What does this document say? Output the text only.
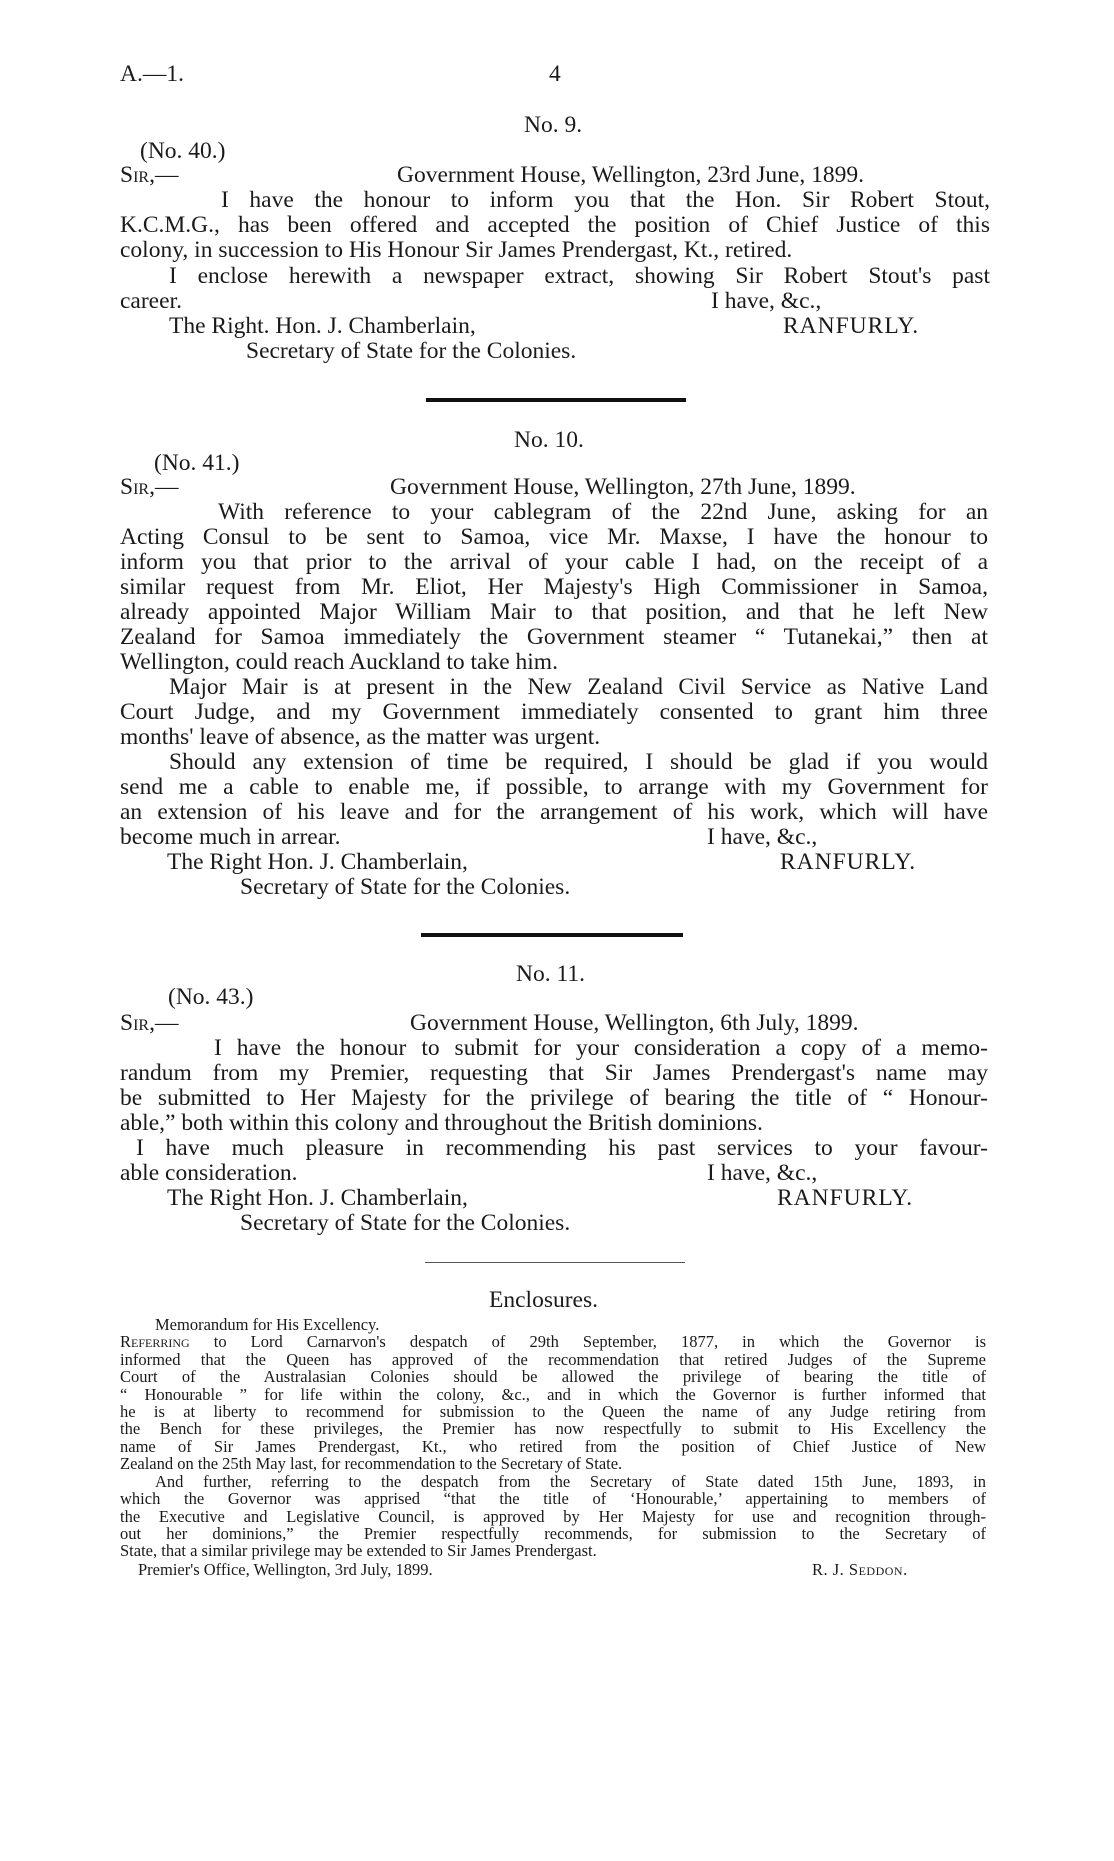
A.—1.	4
No. 9.
(No. 40.)
Sir,—	Government House, Wellington, 23rd June, 1899.
I have the honour to inform you that the Hon. Sir Robert Stout,
K.C.M.G., has been offered and accepted the position of Chief Justice of this
colony, in succession to His Honour Sir James Prendergast, Kt., retired.
I enclose herewith a newspaper extract, showing Sir Robert Stout's past
career.	I have, &c.,
The Right. Hon. J. Chamberlain,	RANFURLY.
Secretary of State for the Colonies.
No. 10.
(No. 41.)
Sir,—	Government House, Wellington, 27th June, 1899.
With reference to your cablegram of the 22nd June, asking for an
Acting Consul to be sent to Samoa, vice Mr. Maxse, I have the honour to
inform you that prior to the arrival of your cable I had, on the receipt of a
similar request from Mr. Eliot, Her Majesty's High Commissioner in Samoa,
already appointed Major William Mair to that position, and that he left New
Zealand for Samoa immediately the Government steamer “ Tutanekai,” then at
Wellington, could reach Auckland to take him.
Major Mair is at present in the New Zealand Civil Service as Native Land
Court Judge, and my Government immediately consented to grant him three
months' leave of absence, as the matter was urgent.
Should any extension of time be required, I should be glad if you would
send me a cable to enable me, if possible, to arrange with my Government for
an extension of his leave and for the arrangement of his work, which will have
become much in arrear.	I have, &c.,
The Right Hon. J. Chamberlain,	RANFURLY.
Secretary of State for the Colonies.
No. 11.
(No. 43.)
Sir,—	Government House, Wellington, 6th July, 1899.
I have the honour to submit for your consideration a copy of a memo-
randum from my Premier, requesting that Sir James Prendergast's name may
be submitted to Her Majesty for the privilege of bearing the title of “ Honour-
able,” both within this colony and throughout the British dominions.
I have much pleasure in recommending his past services to your favour-
able consideration.	I have, &c.,
The Right Hon. J. Chamberlain,	RANFURLY.
Secretary of State for the Colonies.
Enclosures.
Memorandum for His Excellency.
Referring to Lord Carnarvon's despatch of 29th September, 1877, in which the Governor is
informed that the Queen has approved of the recommendation that retired Judges of the Supreme
Court of the Australasian Colonies should be allowed the privilege of bearing the title of
“ Honourable ” for life within the colony, &c., and in which the Governor is further informed that
he is at liberty to recommend for submission to the Queen the name of any Judge retiring from
the Bench for these privileges, the Premier has now respectfully to submit to His Excellency the
name of Sir James Prendergast, Kt., who retired from the position of Chief Justice of New
Zealand on the 25th May last, for recommendation to the Secretary of State.
And further, referring to the despatch from the Secretary of State dated 15th June, 1893, in
which the Governor was apprised “that the title of ‘Honourable,’ appertaining to members of
the Executive and Legislative Council, is approved by Her Majesty for use and recognition through-
out her dominions,” the Premier respectfully recommends, for submission to the Secretary of
State, that a similar privilege may be extended to Sir James Prendergast.
Premier's Office, Wellington, 3rd July, 1899.	R. J. Seddon.
